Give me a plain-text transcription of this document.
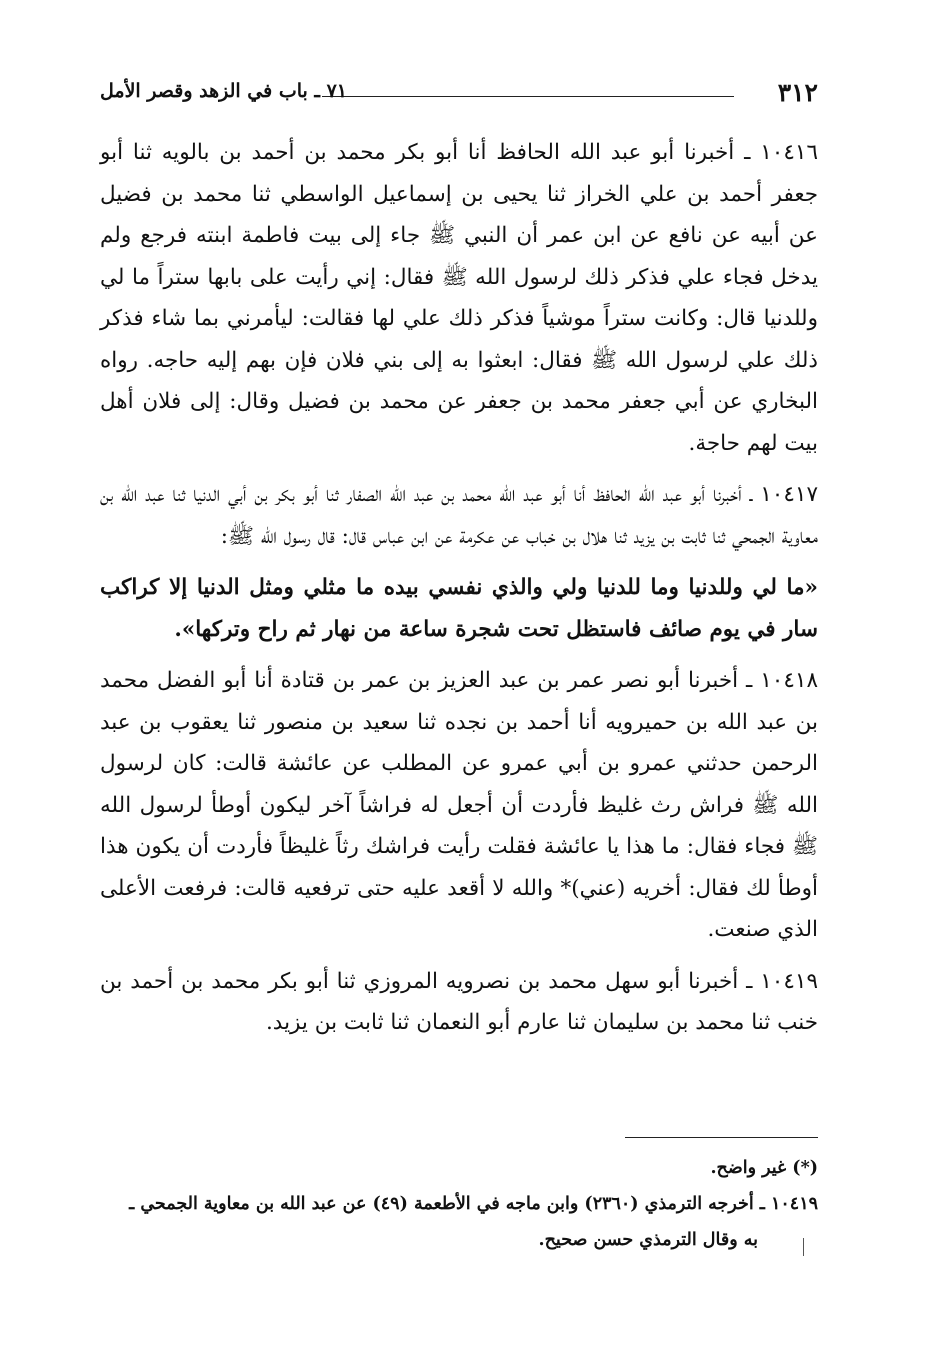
٣١٢
٧١ ـ باب في الزهد وقصر الأمل

١٠٤١٦ ـ أخبرنا أبو عبد الله الحافظ أنا أبو بكر محمد بن أحمد بن بالويه ثنا أبو جعفر أحمد بن علي الخراز ثنا يحيى بن إسماعيل الواسطي ثنا محمد بن فضيل عن أبيه عن نافع عن ابن عمر أن النبي ﷺ جاء إلى بيت فاطمة ابنته فرجع ولم يدخل فجاء علي فذكر ذلك لرسول الله ﷺ فقال: إني رأيت على بابها ستراً ما لي وللدنيا قال: وكانت ستراً موشياً فذكر ذلك علي لها فقالت: ليأمرني بما شاء فذكر ذلك علي لرسول الله ﷺ فقال: ابعثوا به إلى بني فلان فإن بهم إليه حاجه. رواه البخاري عن أبي جعفر محمد بن جعفر عن محمد بن فضيل وقال: إلى فلان أهل بيت لهم حاجة.

١٠٤١٧ ـ أخبرنا أبو عبد الله الحافظ أنا أبو عبد الله محمد بن عبد الله الصفار ثنا أبو بكر بن أبي الدنيا ثنا عبد الله بن معاوية الجمحي ثنا ثابت بن يزيد ثنا هلال بن خباب عن عكرمة عن ابن عباس قال: قال رسول الله ﷺ:

«ما لي وللدنيا وما للدنيا ولي والذي نفسي بيده ما مثلي ومثل الدنيا إلا كراكب سار في يوم صائف فاستظل تحت شجرة ساعة من نهار ثم راح وتركها».

١٠٤١٨ ـ أخبرنا أبو نصر عمر بن عبد العزيز بن عمر بن قتادة أنا أبو الفضل محمد بن عبد الله بن حميرويه أنا أحمد بن نجده ثنا سعيد بن منصور ثنا يعقوب بن عبد الرحمن حدثني عمرو بن أبي عمرو عن المطلب عن عائشة قالت: كان لرسول الله ﷺ فراش رث غليظ فأردت أن أجعل له فراشاً آخر ليكون أوطأ لرسول الله ﷺ فجاء فقال: ما هذا يا عائشة فقلت رأيت فراشك رثاً غليظاً فأردت أن يكون هذا أوطأ لك فقال: أخريه (عني)* والله لا أقعد عليه حتى ترفعيه قالت: فرفعت الأعلى الذي صنعت.

١٠٤١٩ ـ أخبرنا أبو سهل محمد بن نصرويه المروزي ثنا أبو بكر محمد بن أحمد بن خنب ثنا محمد بن سليمان ثنا عارم أبو النعمان ثنا ثابت بن يزيد.

(*) غير واضح.

١٠٤١٩ ـ أخرجه الترمذي (٢٣٦٠) وابن ماجه في الأطعمة (٤٩) عن عبد الله بن معاوية الجمحي ـ

به وقال الترمذي حسن صحيح.
